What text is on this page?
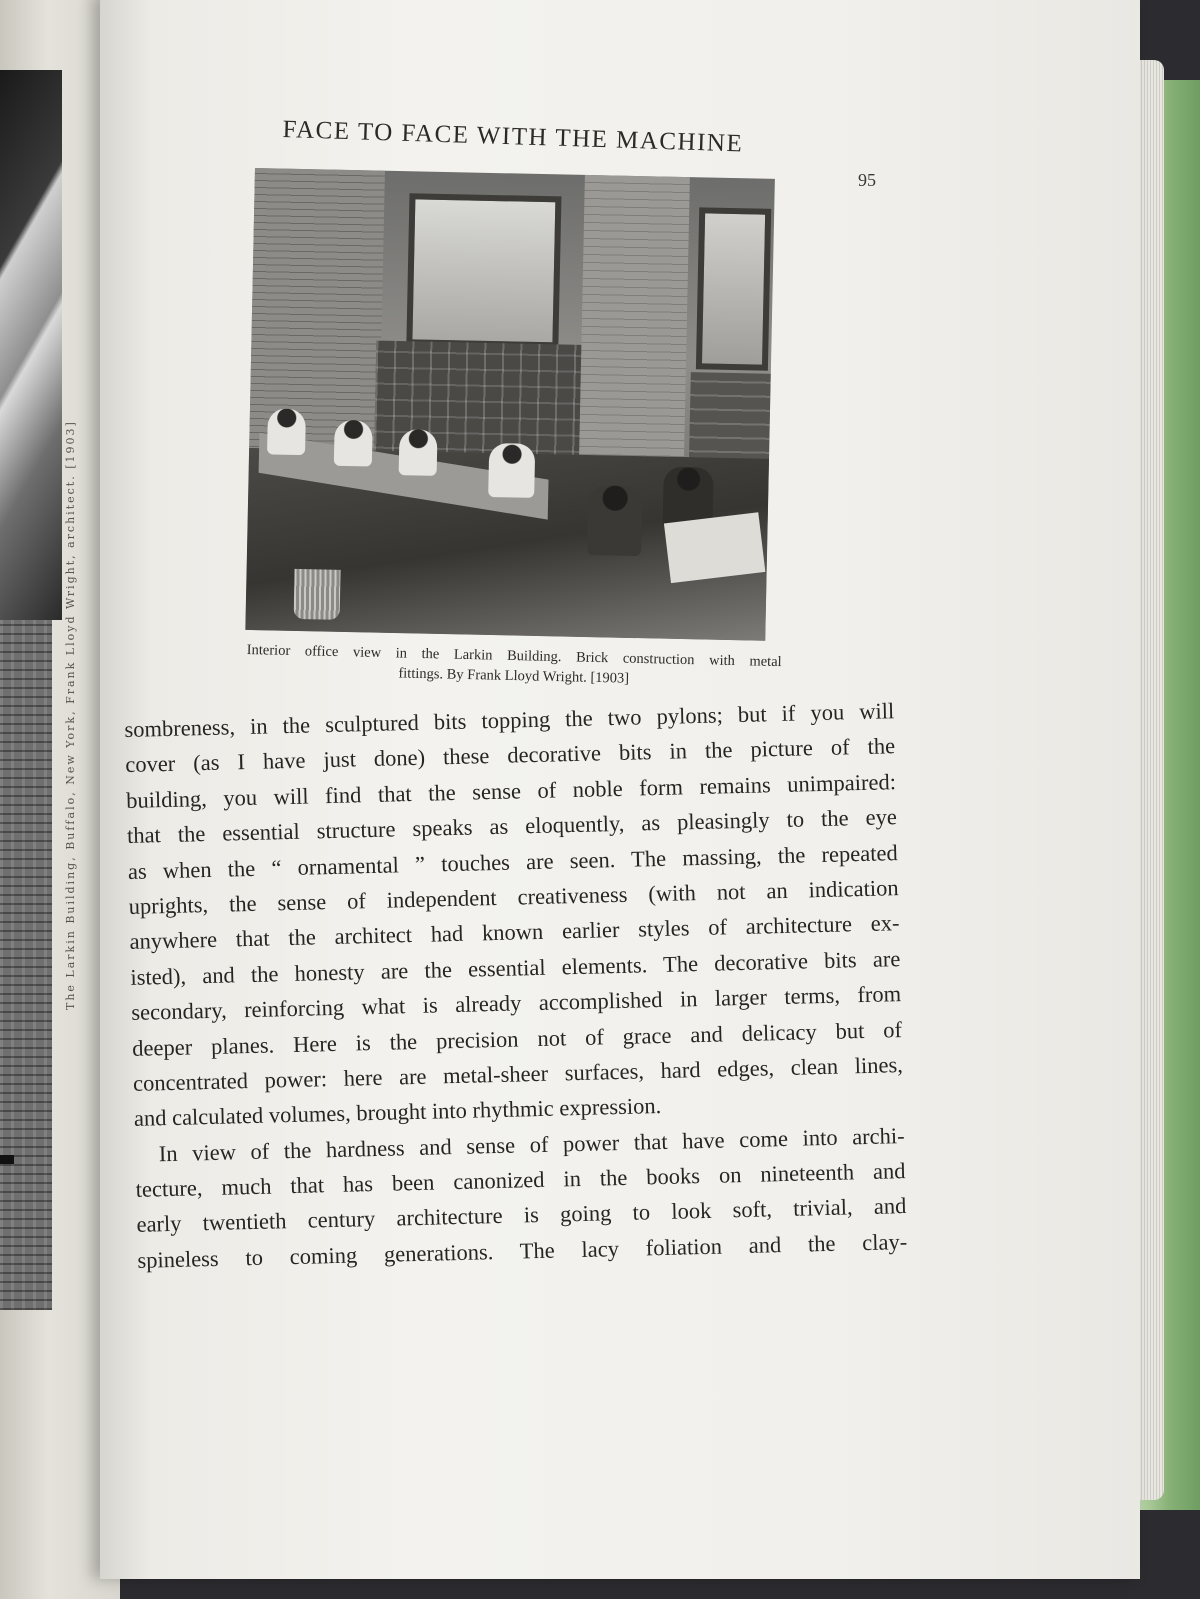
The Larkin Building, Buffalo, New York, Frank Lloyd Wright, architect. [1903]
FACE TO FACE WITH THE MACHINE
95
Interior office view in the Larkin Building. Brick construction with metal
fittings. By Frank Lloyd Wright. [1903]
sombreness, in the sculptured bits topping the two pylons; but if you will
cover (as I have just done) these decorative bits in the picture of the
building, you will find that the sense of noble form remains unimpaired:
that the essential structure speaks as eloquently, as pleasingly to the eye
as when the “ ornamental ” touches are seen. The massing, the repeated
uprights, the sense of independent creativeness (with not an indication
anywhere that the architect had known earlier styles of architecture ex-
isted), and the honesty are the essential elements. The decorative bits are
secondary, reinforcing what is already accomplished in larger terms, from
deeper planes. Here is the precision not of grace and delicacy but of
concentrated power: here are metal-sheer surfaces, hard edges, clean lines,
and calculated volumes, brought into rhythmic expression.
In view of the hardness and sense of power that have come into archi-
tecture, much that has been canonized in the books on nineteenth and
early twentieth century architecture is going to look soft, trivial, and
spineless to coming generations. The lacy foliation and the clay-
